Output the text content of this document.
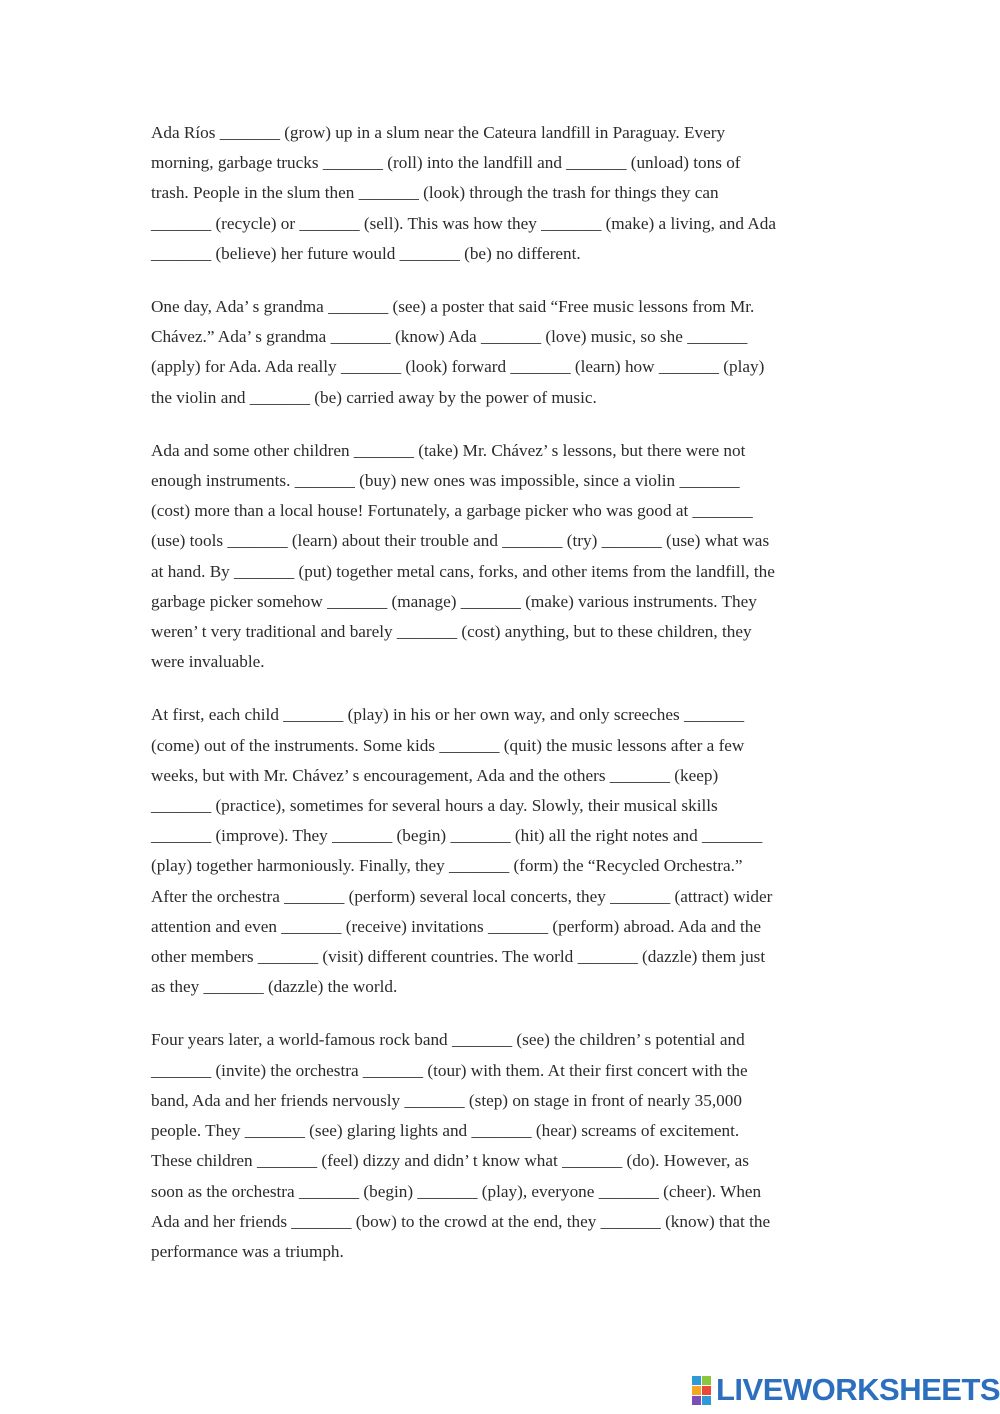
Ada Ríos _______ (grow) up in a slum near the Cateura landfill in Paraguay. Every
morning, garbage trucks _______ (roll) into the landfill and _______ (unload) tons of
trash. People in the slum then _______ (look) through the trash for things they can
_______ (recycle) or _______ (sell). This was how they _______ (make) a living, and Ada
_______ (believe) her future would _______ (be) no different.

One day, Ada’ s grandma _______ (see) a poster that said “Free music lessons from Mr.
Chávez.” Ada’ s grandma _______ (know) Ada _______ (love) music, so she _______
(apply) for Ada. Ada really _______ (look) forward _______ (learn) how _______ (play)
the violin and _______ (be) carried away by the power of music.

Ada and some other children _______ (take) Mr. Chávez’ s lessons, but there were not
enough instruments. _______ (buy) new ones was impossible, since a violin _______
(cost) more than a local house! Fortunately, a garbage picker who was good at _______
(use) tools _______ (learn) about their trouble and _______ (try) _______ (use) what was
at hand. By _______ (put) together metal cans, forks, and other items from the landfill, the
garbage picker somehow _______ (manage) _______ (make) various instruments. They
weren’ t very traditional and barely _______ (cost) anything, but to these children, they
were invaluable.

At first, each child _______ (play) in his or her own way, and only screeches _______
(come) out of the instruments. Some kids _______ (quit) the music lessons after a few
weeks, but with Mr. Chávez’ s encouragement, Ada and the others _______ (keep)
_______ (practice), sometimes for several hours a day. Slowly, their musical skills
_______ (improve). They _______ (begin) _______ (hit) all the right notes and _______
(play) together harmoniously. Finally, they _______ (form) the “Recycled Orchestra.”
After the orchestra _______ (perform) several local concerts, they _______ (attract) wider
attention and even _______ (receive) invitations _______ (perform) abroad. Ada and the
other members _______ (visit) different countries. The world _______ (dazzle) them just
as they _______ (dazzle) the world.

Four years later, a world-famous rock band _______ (see) the children’ s potential and
_______ (invite) the orchestra _______ (tour) with them. At their first concert with the
band, Ada and her friends nervously _______ (step) on stage in front of nearly 35,000
people. They _______ (see) glaring lights and _______ (hear) screams of excitement.
These children _______ (feel) dizzy and didn’ t know what _______ (do). However, as
soon as the orchestra _______ (begin) _______ (play), everyone _______ (cheer). When
Ada and her friends _______ (bow) to the crowd at the end, they _______ (know) that the
performance was a triumph.

LIVEWORKSHEETS
